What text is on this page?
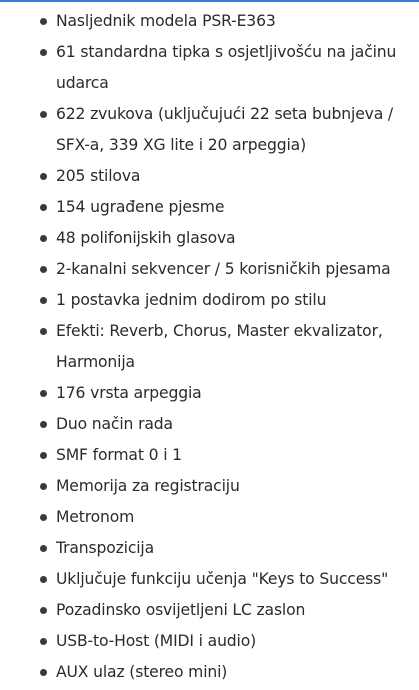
Nasljednik modela PSR-E363
61 standardna tipka s osjetljivošću na jačinu udarca
622 zvukova (uključujući 22 seta bubnjeva / SFX-a, 339 XG lite i 20 arpeggia)
205 stilova
154 ugrađene pjesme
48 polifonijskih glasova
2-kanalni sekvencer / 5 korisničkih pjesama
1 postavka jednim dodirom po stilu
Efekti: Reverb, Chorus, Master ekvalizator, Harmonija
176 vrsta arpeggia
Duo način rada
SMF format 0 i 1
Memorija za registraciju
Metronom
Transpozicija
Uključuje funkciju učenja "Keys to Success"
Pozadinsko osvijetljeni LC zaslon
USB-to-Host (MIDI i audio)
AUX ulaz (stereo mini)
